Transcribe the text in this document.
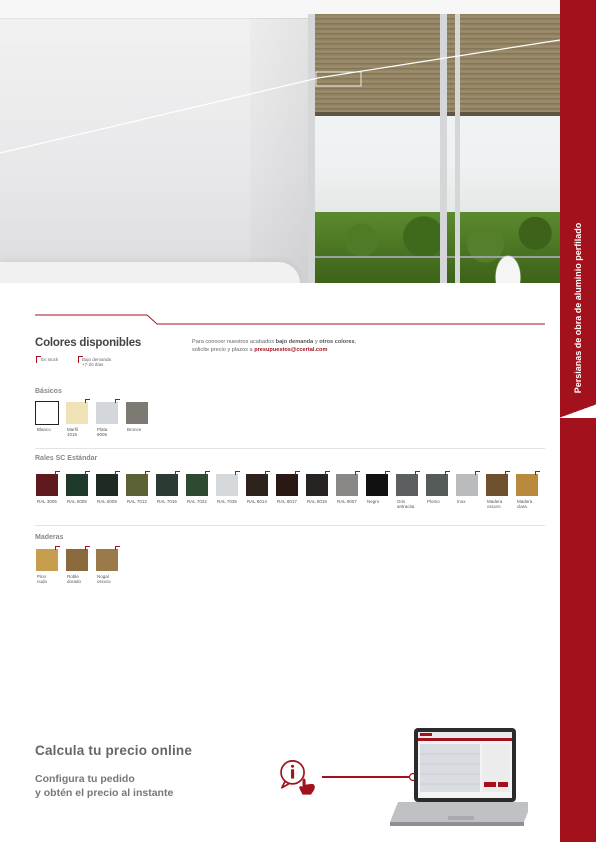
Persianas de obra de aluminio perfilado
Colores disponibles
En stock	Bajo demanda
+7-20 días
Para conocer nuestros acabados bajo demanda y otros colores,
solicite precio y plazos a presupuestos@ccertal.com
Básicos
Blanco	Marfil
1015
Plata
9006
Bronce
Rales SC Estándar
RAL 3005 RAL 6005 RAL 6009 RAL 7012 RAL 7016 RAL 7022 RAL 7035 RAL 8014 RAL 8017 RAL 8019 RAL 9007 Negro	Gris
antracita
Plomo	Inox	Madera
oscuro
Madera
clara
Maderas
Pino
nudo
Roble
dorado
Nogal
oscuro
Calcula tu precio online
Configura tu pedido
y obtén el precio al instante
